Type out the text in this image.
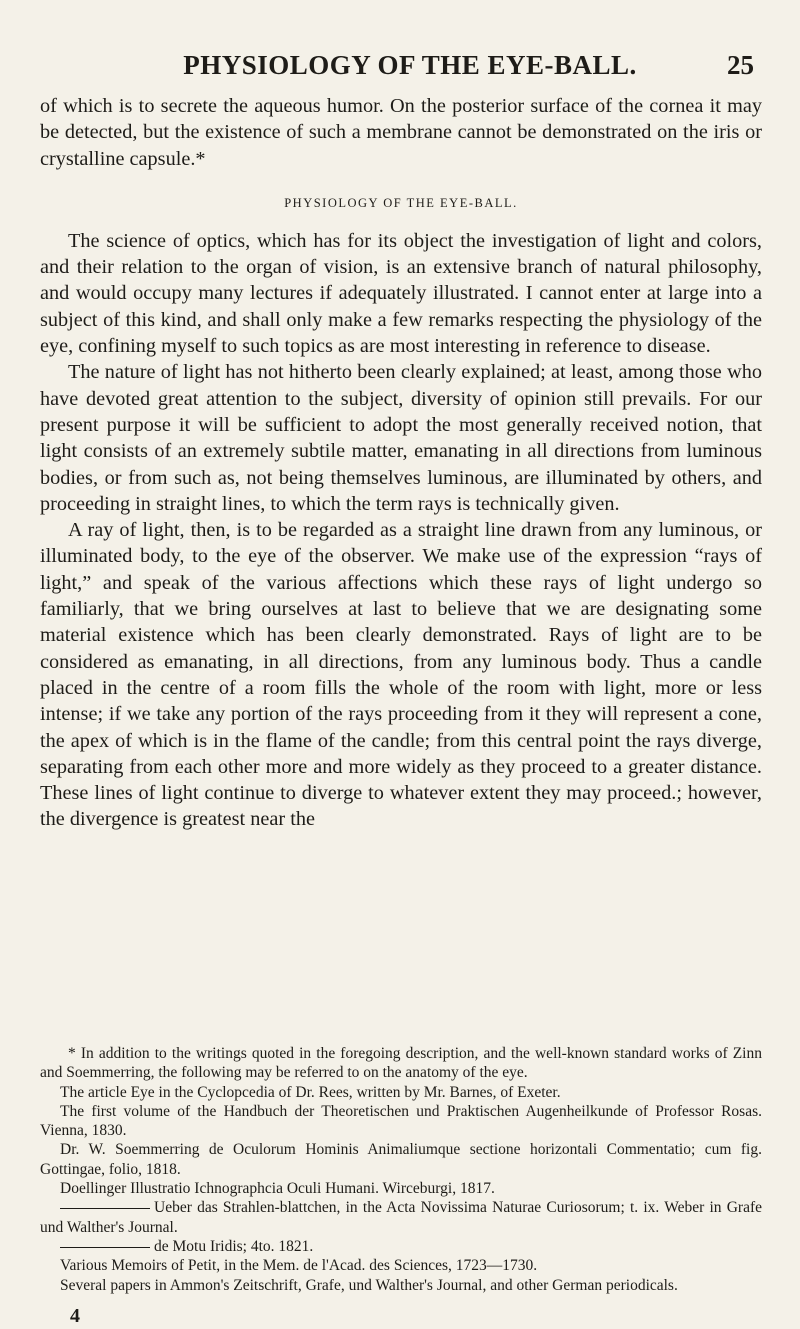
PHYSIOLOGY OF THE EYE-BALL.	25

of which is to secrete the aqueous humor. On the posterior surface of the cornea it may be detected, but the existence of such a membrane cannot be demonstrated on the iris or crystalline capsule.*

PHYSIOLOGY OF THE EYE-BALL.

The science of optics, which has for its object the investigation of light and colors, and their relation to the organ of vision, is an extensive branch of natural philosophy, and would occupy many lectures if adequately illustrated. I cannot enter at large into a subject of this kind, and shall only make a few remarks respecting the physiology of the eye, confining myself to such topics as are most interesting in reference to disease.

The nature of light has not hitherto been clearly explained; at least, among those who have devoted great attention to the subject, diversity of opinion still prevails. For our present purpose it will be sufficient to adopt the most generally received notion, that light consists of an extremely subtile matter, emanating in all directions from luminous bodies, or from such as, not being themselves luminous, are illuminated by others, and proceeding in straight lines, to which the term rays is technically given.

A ray of light, then, is to be regarded as a straight line drawn from any luminous, or illuminated body, to the eye of the observer. We make use of the expression “rays of light,” and speak of the various affections which these rays of light undergo so familiarly, that we bring ourselves at last to believe that we are designating some material existence which has been clearly demonstrated. Rays of light are to be considered as emanating, in all directions, from any luminous body. Thus a candle placed in the centre of a room fills the whole of the room with light, more or less intense; if we take any portion of the rays proceeding from it they will represent a cone, the apex of which is in the flame of the candle; from this central point the rays diverge, separating from each other more and more widely as they proceed to a greater distance. These lines of light continue to diverge to whatever extent they may proceed.; however, the divergence is greatest near the

* In addition to the writings quoted in the foregoing description, and the well-known standard works of Zinn and Soemmerring, the following may be referred to on the anatomy of the eye.

The article Eye in the Cyclopcedia of Dr. Rees, written by Mr. Barnes, of Exeter.

The first volume of the Handbuch der Theoretischen und Praktischen Augenheilkunde of Professor Rosas. Vienna, 1830.

Dr. W. Soemmerring de Oculorum Hominis Animaliumque sectione horizontali Commentatio; cum fig. Gottingae, folio, 1818.

Doellinger Illustratio Ichnographcia Oculi Humani. Wirceburgi, 1817.

Ueber das Strahlen-blattchen, in the Acta Novissima Naturae Curiosorum; t. ix. Weber in Grafe und Walther's Journal.

de Motu Iridis; 4to. 1821.

Various Memoirs of Petit, in the Mem. de l'Acad. des Sciences, 1723—1730.

Several papers in Ammon's Zeitschrift, Grafe, und Walther's Journal, and other German periodicals.

4
